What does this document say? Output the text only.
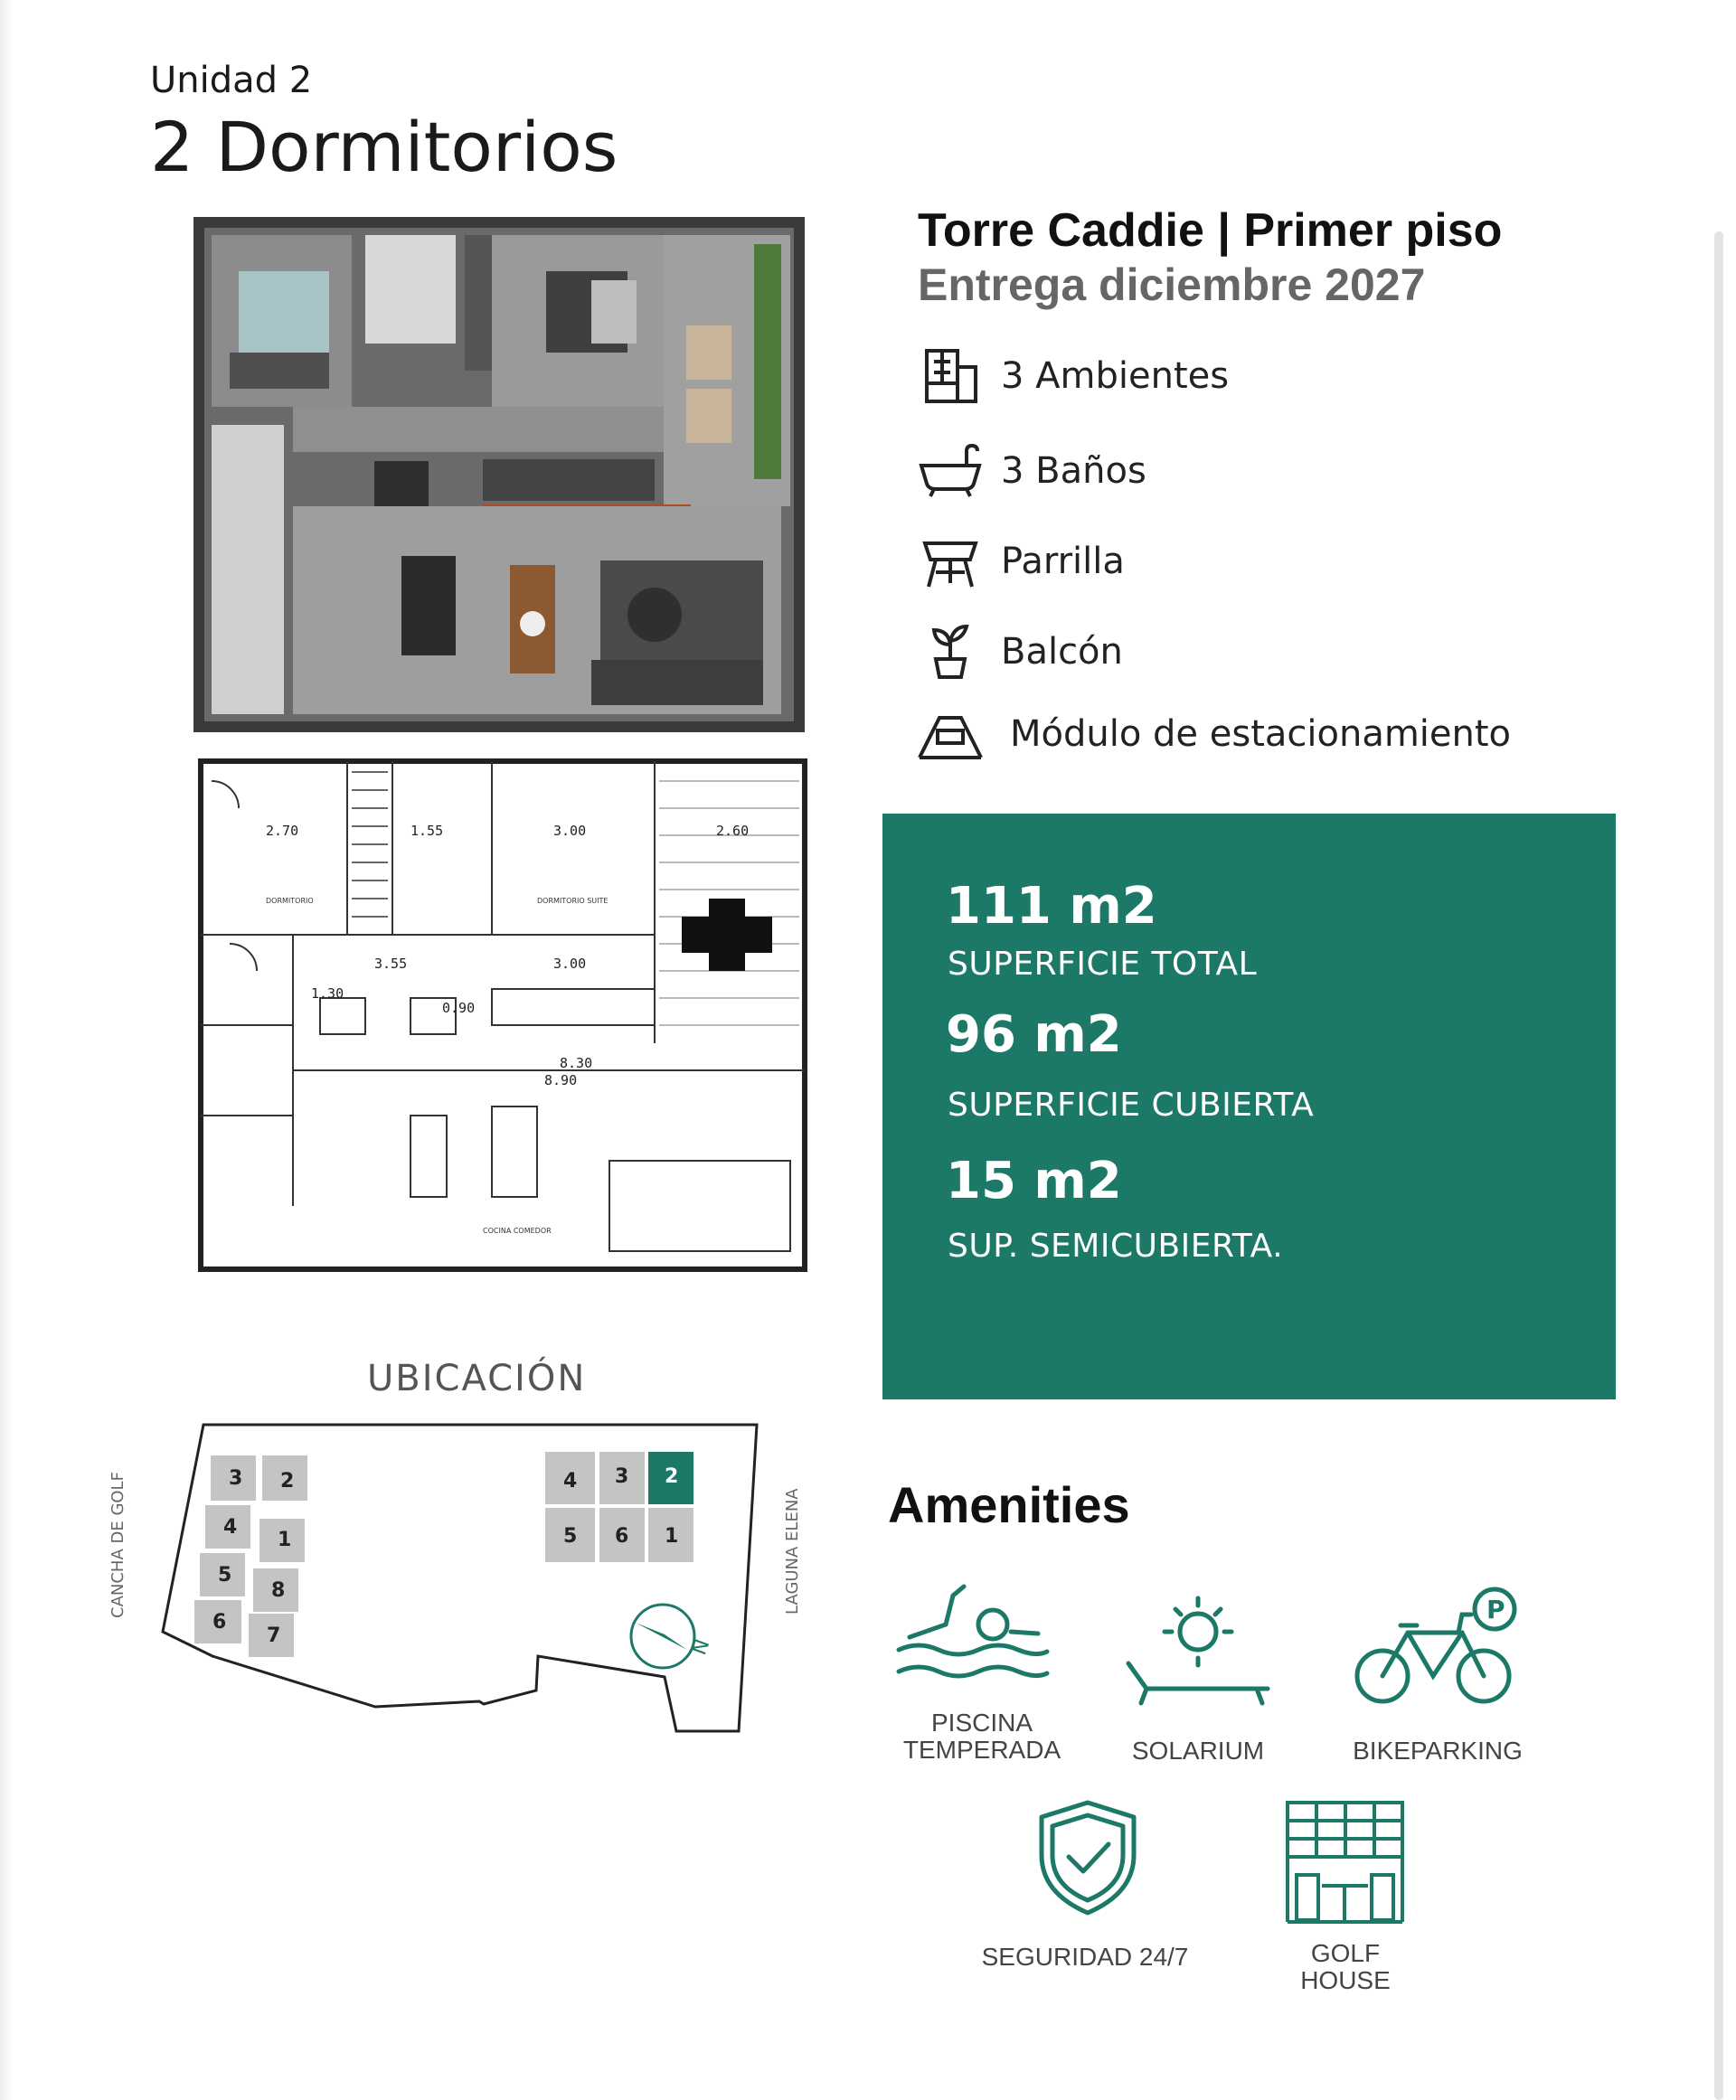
Unidad 2
2 Dormitorios
2.70	1.55	3.00	2.60
3.55	3.00
1.30
0.90
8.30
8.90
DORMITORIO	DORMITORIO SUITE
COCINA COMEDOR
Torre Caddie | Primer piso
Entrega diciembre 2027
3 Ambientes
3 Baños
Parrilla
Balcón
Módulo de estacionamiento
111 m2
SUPERFICIE TOTAL
96 m2
SUPERFICIE CUBIERTA
15 m2
SUP. SEMICUBIERTA.
UBICACIÓN
CANCHA DE GOLF	LAGUNA ELENA
3 2
4
1
5
8
6
7
4 3 2
5 6 1
N
Amenities
PISCINA
TEMPERADA	SOLARIUM
P
BIKEPARKING
SEGURIDAD 24/7	GOLF
HOUSE
